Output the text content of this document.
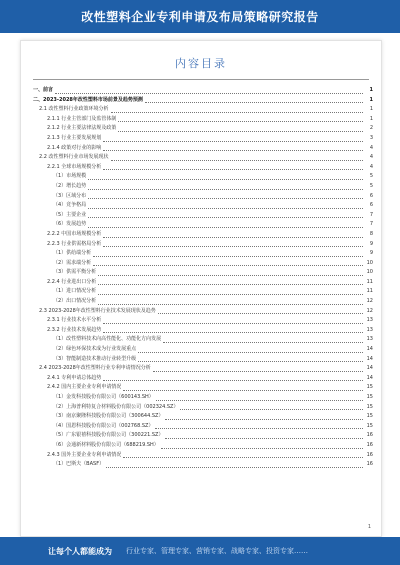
改性塑料企业专利申请及布局策略研究报告
内容目录
一、前言	1
二、2023-2028年改性塑料市场前景及趋势预测	1
2.1 改性塑料行业政策环境分析	1
2.1.1 行业主管部门及监管体制	1
2.1.2 行业主要法律法规及政策	2
2.1.3 行业主要发展规划	3
2.1.4 政策对行业的影响	4
2.2 改性塑料行业市场发展现状	4
2.2.1 全球市场规模分析	4
（1）市场规模	5
（2）增长趋势	5
（3）区域分布	6
（4）竞争格局	6
（5）主要企业	7
（6）发展趋势	7
2.2.2 中国市场规模分析	8
2.2.3 行业供需格局分析	9
（1）供给端分析	9
（2）需求端分析	10
（3）供需平衡分析	10
2.2.4 行业进出口分析	11
（1）进口情况分析	11
（2）出口情况分析	12
2.3 2023-2028年改性塑料行业技术发展现状及趋势	12
2.3.1 行业技术水平分析	13
2.3.2 行业技术发展趋势	13
（1）改性塑料技术向高性能化、功能化方向发展	13
（2）绿色环保技术成为行业发展重点	14
（3）智能制造技术推动行业转型升级	14
2.4 2023-2028年改性塑料行业专利申请情况分析	14
2.4.1 专利申请总体趋势	14
2.4.2 国内主要企业专利申请情况	15
（1）金发科技股份有限公司（600143.SH）	15
（2）上海普利特复合材料股份有限公司（002324.SZ）	15
（3）南京聚隆科技股份有限公司（300644.SZ）	15
（4）国恩科技股份有限公司（002768.SZ）	15
（5）广东银禧科技股份有限公司（300221.SZ）	16
（6）会通新材料股份有限公司（688219.SH）	16
2.4.3 国外主要企业专利申请情况	16
（1）巴斯夫（BASF）	16
1
让每个人都能成为 行业专家、管理专家、营销专家、战略专家、投资专家……
